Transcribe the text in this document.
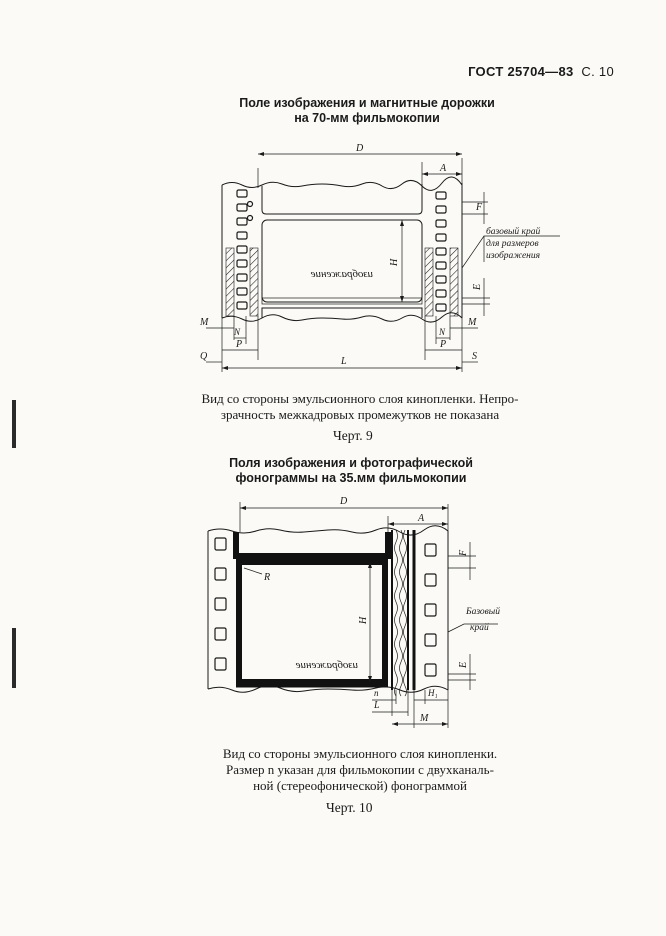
ГОСТ 25704—83 С. 10
Поле изображения и магнитные дорожки
на 70-мм фильмокопии
изображение
D
A
F
H
E
базовый край
для размеров
изображения
M
N
P
Q	L
M
N
P
S
Вид со стороны эмульсионного слоя кинопленки. Непро-
зрачность межкадровых промежутков не показана
Черт. 9
Поля изображения и фотографической
фонограммы на 35.мм фильмокопии
изображение
D
A
R
H
F
Базовый
край
E
n
L
H₁
M
Вид со стороны эмульсионного слоя кинопленки.
Размер n указан для фильмокопии с двухканаль-
ной (стереофонической) фонограммой
Черт. 10
